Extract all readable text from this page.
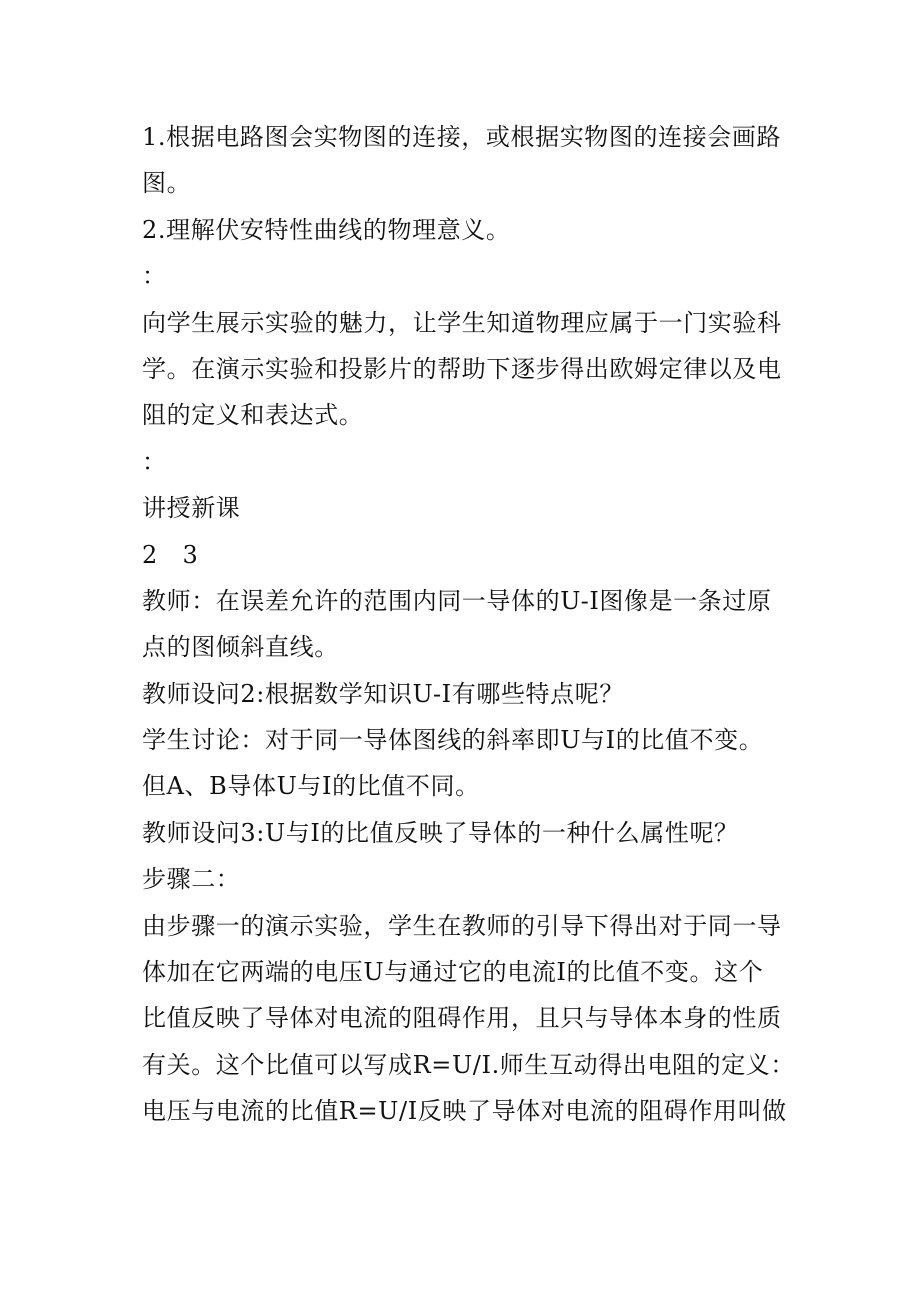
1.根据电路图会实物图的连接，或根据实物图的连接会画路
图。
2.理解伏安特性曲线的物理意义。
：
向学生展示实验的魅力，让学生知道物理应属于一门实验科
学。在演示实验和投影片的帮助下逐步得出欧姆定律以及电
阻的定义和表达式。
：
讲授新课
2　3
教师：在误差允许的范围内同一导体的U-I图像是一条过原
点的图倾斜直线。
教师设问2:根据数学知识U-I有哪些特点呢？
学生讨论：对于同一导体图线的斜率即U与I的比值不变。
但A、B导体U与I的比值不同。
教师设问3:U与I的比值反映了导体的一种什么属性呢？
步骤二：
由步骤一的演示实验，学生在教师的引导下得出对于同一导
体加在它两端的电压U与通过它的电流I的比值不变。这个
比值反映了导体对电流的阻碍作用，且只与导体本身的性质
有关。这个比值可以写成R=U/I.师生互动得出电阻的定义：
电压与电流的比值R=U/I反映了导体对电流的阻碍作用叫做
